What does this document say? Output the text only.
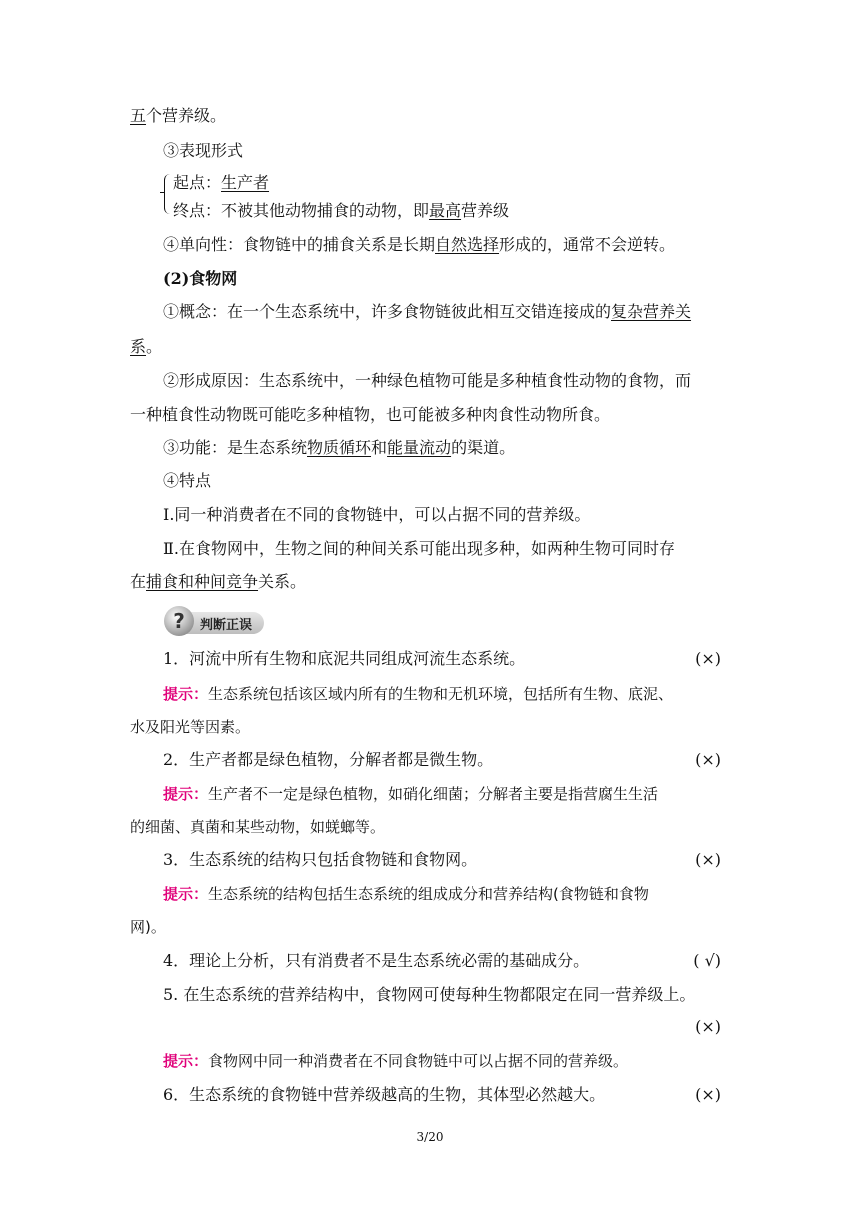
五个营养级。
③表现形式
起点：生产者
终点：不被其他动物捕食的动物，即最高营养级
④单向性：食物链中的捕食关系是长期自然选择形成的，通常不会逆转。
(2)食物网
①概念：在一个生态系统中，许多食物链彼此相互交错连接成的复杂营养关
系。
②形成原因：生态系统中，一种绿色植物可能是多种植食性动物的食物，而
一种植食性动物既可能吃多种植物，也可能被多种肉食性动物所食。
③功能：是生态系统物质循环和能量流动的渠道。
④特点
Ⅰ.同一种消费者在不同的食物链中，可以占据不同的营养级。
Ⅱ.在食物网中，生物之间的种间关系可能出现多种，如两种生物可同时存
在捕食和种间竞争关系。
?	判断正误
1．河流中所有生物和底泥共同组成河流生态系统。	(×)
提示：生态系统包括该区域内所有的生物和无机环境，包括所有生物、底泥、
水及阳光等因素。
2．生产者都是绿色植物，分解者都是微生物。	(×)
提示：生产者不一定是绿色植物，如硝化细菌；分解者主要是指营腐生生活
的细菌、真菌和某些动物，如蜣螂等。
3．生态系统的结构只包括食物链和食物网。	(×)
提示：生态系统的结构包括生态系统的组成成分和营养结构(食物链和食物
网)。
4．理论上分析，只有消费者不是生态系统必需的基础成分。	( √)
5. 在生态系统的营养结构中，食物网可使每种生物都限定在同一营养级上。
(×)
提示：食物网中同一种消费者在不同食物链中可以占据不同的营养级。
6．生态系统的食物链中营养级越高的生物，其体型必然越大。	(×)
3/20
